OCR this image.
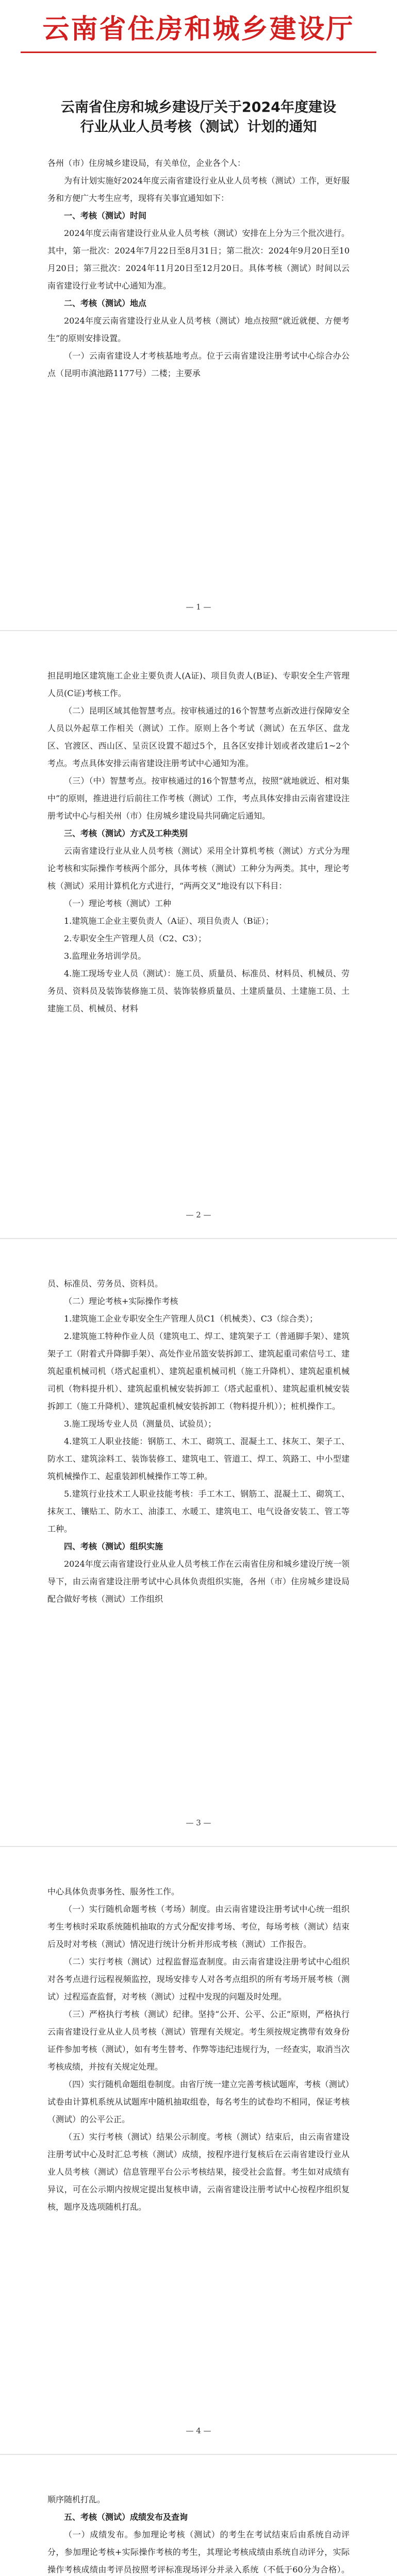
云南省住房和城乡建设厅
云南省住房和城乡建设厅关于2024年度建设行业从业人员考核（测试）计划的通知

各州（市）住房城乡建设局，有关单位，企业各个人：

为有计划实施好2024年度云南省建设行业从业人员考核（测试）工作，更好服务和方便广大考生应考，现将有关事宜通知如下：

一、考核（测试）时间

2024年度云南省建设行业从业人员考核（测试）安排在上分为三个批次进行。其中，第一批次：2024年7月22日至8月31日；第二批次：2024年9月20日至10月20日；第三批次：2024年11月20日至12月20日。具体考核（测试）时间以云南省建设行业考试中心通知为准。

二、考核（测试）地点

2024年度云南省建设行业从业人员考核（测试）地点按照“就近就便、方便考生”的原则安排设置。

（一）云南省建设人才考核基地考点。位于云南省建设注册考试中心综合办公点（昆明市滇池路1177号）二楼；主要承

— 1 —

担昆明地区建筑施工企业主要负责人(A证)、项目负责人(B证)、专职安全生产管理人员(C证)考核工作。

（二）昆明区域其他智慧考点。按审核通过的16个智慧考点新改进行保障安全人员以外起草工作相关（测试）工作。原则上各个考试（测试）在五华区、盘龙区、官渡区、西山区、呈贡区设置不超过5个，且各区安排计划或者改建后1~2个考点。考点具体安排云南省建设注册考试中心通知为准。

（三）（中）智慧考点。按审核通过的16个智慧考点，按照“就地就近、相对集中”的原则，推进进行后前往工作考核（测试）工作，考点具体安排由云南省建设注册考试中心与相关州（市）住房城乡建设局共同确定后通知。

三、考核（测试）方式及工种类别

云南省建设行业从业人员考核（测试）采用全计算机考核（测试）方式分为理论考核和实际操作考核两个部分，具体考核（测试）工种分为两类。其中，理论考核（测试）采用计算机化方式进行，“两两交叉”地设有以下科目：

（一）理论考核（测试）工种

1.建筑施工企业主要负责人（A证）、项目负责人（B证）；

2.专职安全生产管理人员（C2、C3）；

3.监理业务培训学员。

4.施工现场专业人员（测试）：施工员、质量员、标准员、材料员、机械员、劳务员、资料员及装饰装修施工员、装饰装修质量员、土建质量员、土建施工员、土建施工员、机械员、材料

— 2 —

员、标准员、劳务员、资料员。

（二）理论考核+实际操作考核

1.建筑施工企业专职安全生产管理人员C1（机械类）、C3（综合类）；

2.建筑施工特种作业人员（建筑电工、焊工、建筑架子工（普通脚手架）、建筑架子工（附着式升降脚手架）、高处作业吊篮安装拆卸工、建筑起重司索信号工、建筑起重机械司机（塔式起重机）、建筑起重机械司机（施工升降机）、建筑起重机械司机（物料提升机）、建筑起重机械安装拆卸工（塔式起重机）、建筑起重机械安装拆卸工（施工升降机）、建筑起重机械安装拆卸工（物料提升机））；桩机操作工。

3.施工现场专业人员（测量员、试验员）；

4.建筑工人职业技能：钢筋工、木工、砌筑工、混凝土工、抹灰工、架子工、防水工、建筑涂料工、装饰装修工、建筑电工、管道工、焊工、筑路工、中小型建筑机械操作工、起重装卸机械操作工等工种。

5.建筑行业技术工人职业技能考核：手工木工、钢筋工、混凝土工、砌筑工、抹灰工、镶贴工、防水工、油漆工、水暖工、建筑电工、电气设备安装工、管工等工种。

四、考核（测试）组织实施

2024年度云南省建设行业从业人员考核工作在云南省住房和城乡建设厅统一领导下，由云南省建设注册考试中心具体负责组织实施，各州（市）住房城乡建设局配合做好考核（测试）工作组织

— 3 —

中心具体负责事务性、服务性工作。

（一）实行随机命题考核（考场）制度。由云南省建设注册考试中心统一组织考生考核时采取系统随机抽取的方式分配安排考场、考位，每场考核（测试）结束后及时对考核（测试）情况进行统计分析并形成考核（测试）工作报告。

（二）实行考核（测试）过程监督巡查制度。由云南省建设注册考试中心组织对各考点进行远程视频监控，现场安排专人对各考点组织的所有考场开展考核（测试）过程巡查监督，对考核（测试）过程中发现的问题及时处理。

（三）严格执行考核（测试）纪律。坚持“公开、公平、公正”原则，严格执行云南省建设行业从业人员考核（测试）管理有关规定。考生须按规定携带有效身份证件参加考核（测试），如有考生替考、作弊等违纪违规行为，一经查实，取消当次考核成绩，并按有关规定处理。

（四）实行随机命题组卷制度。由省厅统一建立完善考核试题库，考核（测试）试卷由计算机系统从试题库中随机抽取组卷，每名考生的试卷均不相同，保证考核（测试）的公平公正。

（五）实行考核（测试）结果公示制度。考核（测试）结束后，由云南省建设注册考试中心及时汇总考核（测试）成绩，按程序进行复核后在云南省建设行业从业人员考核（测试）信息管理平台公示考核结果，接受社会监督。考生如对成绩有异议，可在公示期内按规定提出复核申请，云南省建设注册考试中心按程序组织复核，题序及选项随机打乱。

— 4 —

顺序随机打乱。

五、考核（测试）成绩发布及查询

（一）成绩发布。参加理论考核（测试）的考生在考试结束后由系统自动评分，参加理论考核+实际操作考核的考生，其理论考核成绩由系统自动评分，实际操作考核成绩由考评员按照考评标准现场评分并录入系统（不低于60分为合格）。
